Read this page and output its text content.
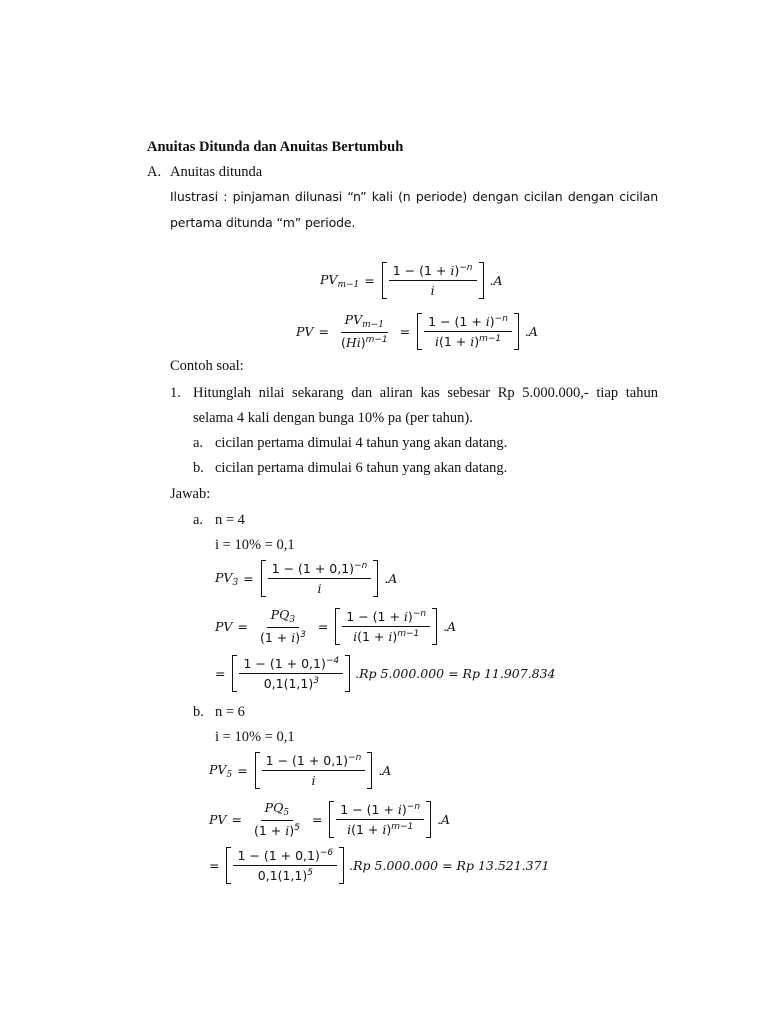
Anuitas Ditunda dan Anuitas Bertumbuh
A. Anuitas ditunda
Ilustrasi : pinjaman dilunasi “n” kali (n periode) dengan cicilan dengan cicilan
pertama ditunda “m” periode.
$PV_{m-1}$ =	$\frac{1 - (1 + i)^{-n}}{i}$	. A
PV = $\frac{PV_{m-1}}{(Hi)^{m-1}}$ =	$\frac{1 - (1 + i)^{-n}}{i(1 + i)^{m-1}}$	. A
Contoh soal:
1. Hitunglah nilai sekarang dan aliran kas sebesar Rp 5.000.000,- tiap tahun
selama 4 kali dengan bunga 10% pa (per tahun).
a. cicilan pertama dimulai 4 tahun yang akan datang.
b. cicilan pertama dimulai 6 tahun yang akan datang.
Jawab:
a. n = 4
i = 10% = 0,1
$PV_3$ =	$\frac{1 - (1 + 0,1)^{-n}}{i}$	. A
PV = $\frac{PQ_3}{(1 + i)^3}$ =	$\frac{1 - (1 + i)^{-n}}{i(1 + i)^{m-1}}$	. A
=	$\frac{1 - (1 + 0,1)^{-4}}{0,1(1,1)^3} .Rp$ 5.000.000 = Rp 11.907.834
b. n = 6
i = 10% = 0,1
$PV_5$ =	$\frac{1 - (1 + 0,1)^{-n}}{i}$	. A
PV = $\frac{PQ_5}{(1 + i)^5}$ =	$\frac{1 - (1 + i)^{-n}}{i(1 + i)^{m-1}}$	. A
=	$\frac{1 - (1 + 0,1)^{-6}}{0,1(1,1)^5} .Rp$ 5.000.000 = Rp 13.521.371
